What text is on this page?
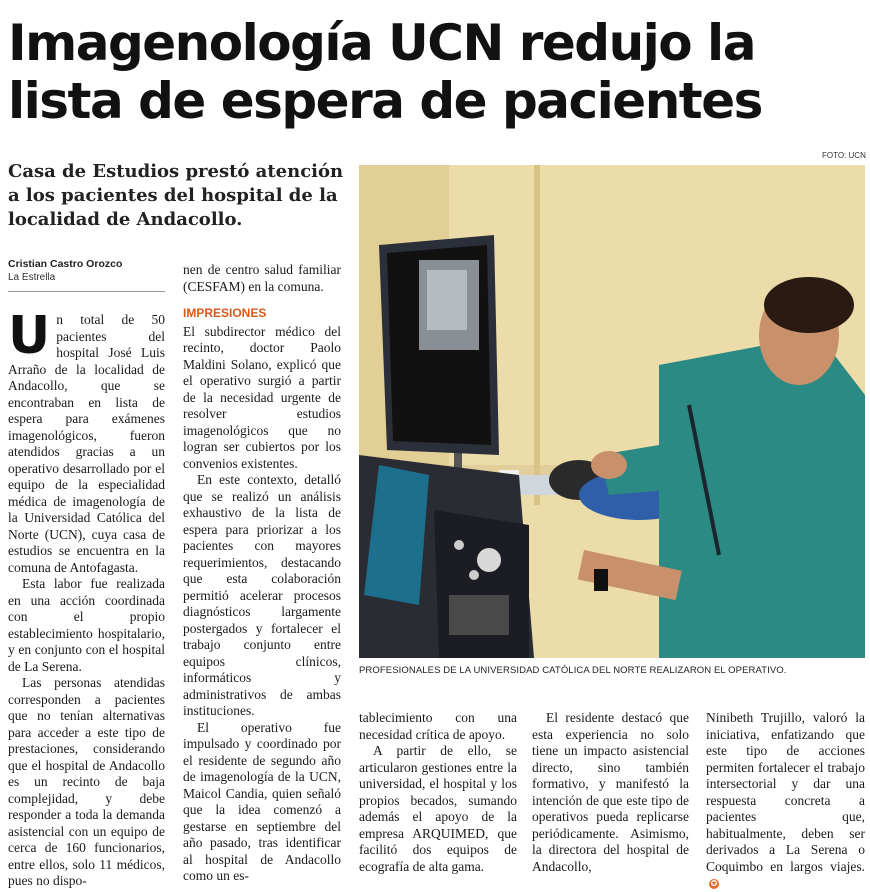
Imagenología UCN redujo la lista de espera de pacientes
Casa de Estudios prestó atención a los pacientes del hospital de la localidad de Andacollo.
FOTO: UCN
PROFESIONALES DE LA UNIVERSIDAD CATÓLICA DEL NORTE REALIZARON EL OPERATIVO.
Cristian Castro Orozco
La Estrella

Un total de 50 pacientes del hospital José Luis Arraño de la localidad de Andacollo, que se encontraban en lista de espera para exámenes imagenológicos, fueron atendidos gracias a un operativo desarrollado por el equipo de la especialidad médica de imagenología de la Universidad Católica del Norte (UCN), cuya casa de estudios se encuentra en la comuna de Antofagasta.

Esta labor fue realizada en una acción coordinada con el propio establecimiento hospitalario, y en conjunto con el hospital de La Serena.

Las personas atendidas corresponden a pacientes que no tenían alternativas para acceder a este tipo de prestaciones, considerando que el hospital de Andacollo es un recinto de baja complejidad, y debe responder a toda la demanda asistencial con un equipo de cerca de 160 funcionarios, entre ellos, solo 11 médicos, pues no dispo-

nen de centro salud familiar (CESFAM) en la comuna.

IMPRESIONES

El subdirector médico del recinto, doctor Paolo Maldini Solano, explicó que el operativo surgió a partir de la necesidad urgente de resolver estudios imagenológicos que no logran ser cubiertos por los convenios existentes.

En este contexto, detalló que se realizó un análisis exhaustivo de la lista de espera para priorizar a los pacientes con mayores requerimientos, destacando que esta colaboración permitió acelerar procesos diagnósticos largamente postergados y fortalecer el trabajo conjunto entre equipos clínicos, informáticos y administrativos de ambas instituciones.

El operativo fue impulsado y coordinado por el residente de segundo año de imagenología de la UCN, Maicol Candia, quien señaló que la idea comenzó a gestarse en septiembre del año pasado, tras identificar al hospital de Andacollo como un es-

tablecimiento con una necesidad crítica de apoyo.

A partir de ello, se articularon gestiones entre la universidad, el hospital y los propios becados, sumando además el apoyo de la empresa ARQUIMED, que facilitó dos equipos de ecografía de alta gama.

El residente destacó que esta experiencia no solo tiene un impacto asistencial directo, sino también formativo, y manifestó la intención de que este tipo de operativos pueda replicarse periódicamente. Asimismo, la directora del hospital de Andacollo,

Ninibeth Trujillo, valoró la iniciativa, enfatizando que este tipo de acciones permiten fortalecer el trabajo intersectorial y dar una respuesta concreta a pacientes que, habitualmente, deben ser derivados a La Serena o Coquimbo en largos viajes.✪
